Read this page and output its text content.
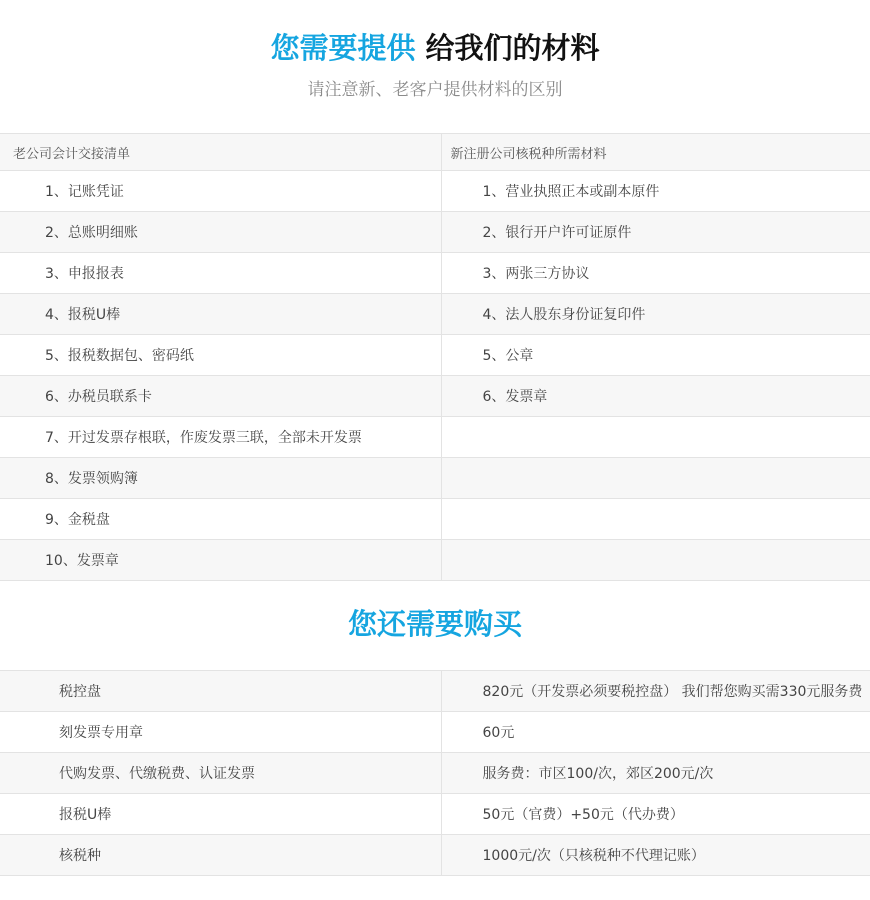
您需要提供 给我们的材料

请注意新、老客户提供材料的区别

老公司会计交接清单	新注册公司核税种所需材料
1、记账凭证	1、营业执照正本或副本原件
2、总账明细账	2、银行开户许可证原件
3、申报报表	3、两张三方协议
4、报税U棒	4、法人股东身份证复印件
5、报税数据包、密码纸	5、公章
6、办税员联系卡	6、发票章
7、开过发票存根联，作废发票三联，全部未开发票	
8、发票领购簿	
9、金税盘	
10、发票章	
您还需要购买
税控盘	820元（开发票必须要税控盘） 我们帮您购买需330元服务费
刻发票专用章	60元
代购发票、代缴税费、认证发票	服务费：市区100/次，郊区200元/次
报税U棒	50元（官费）+50元（代办费）
核税种	1000元/次（只核税种不代理记账）
